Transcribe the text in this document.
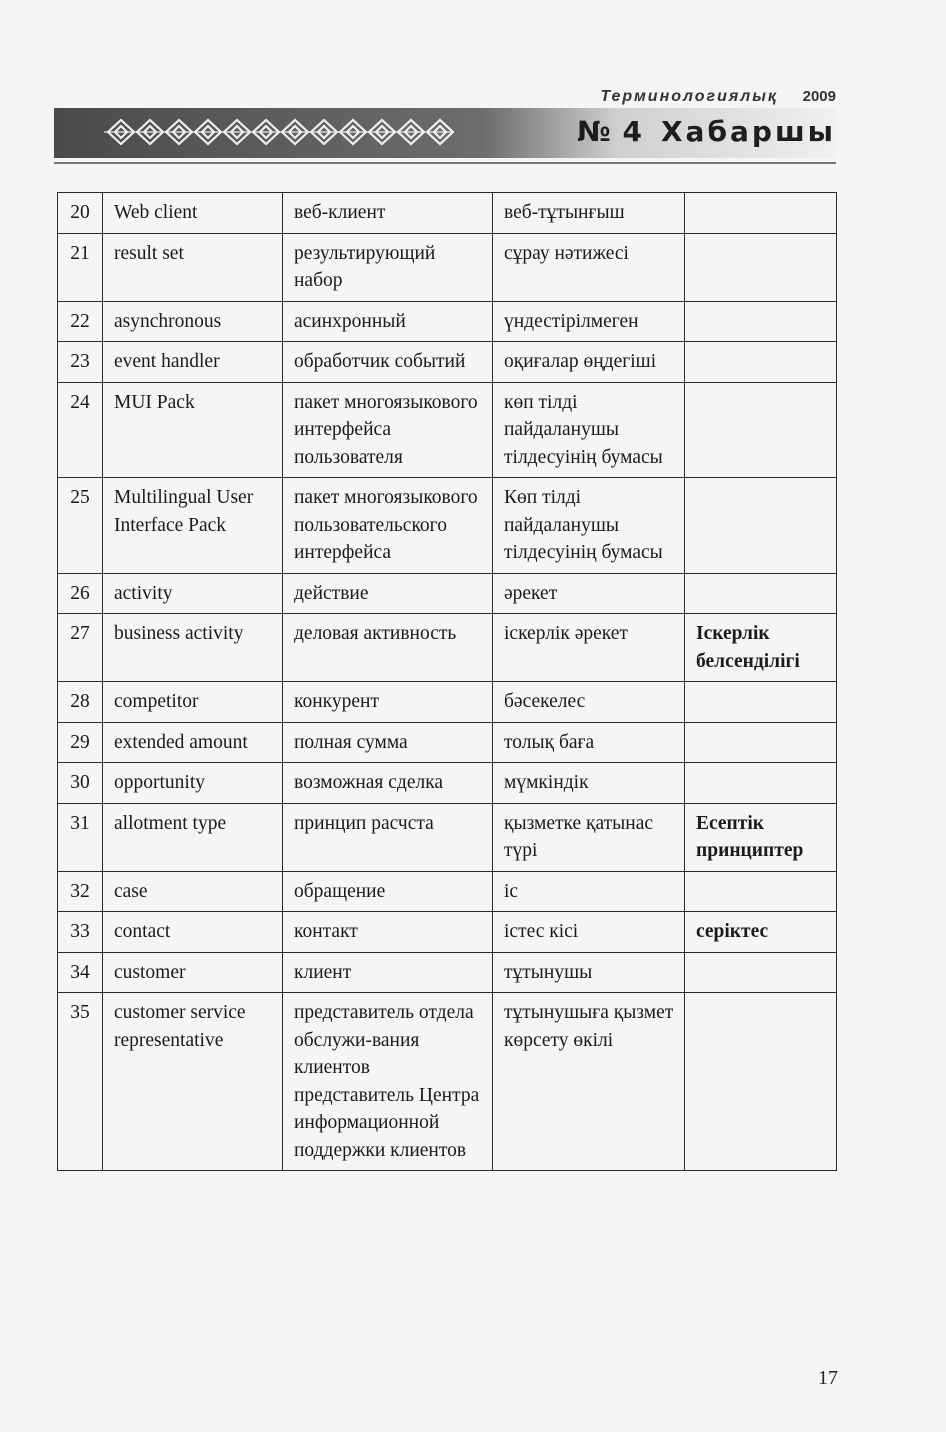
Терминологиялық 2009
№ 4 Хабаршы
20	Web client	веб-клиент	веб-тұтынғыш	
21	result set	результирующий набор	сұрау нәтижесі	
22	asynchronous	асинхронный	үндестірілмеген	
23	event handler	обработчик событий	оқиғалар өңдегіші	
24	MUI Pack	пакет многоязыкового интерфейса пользователя	көп тілді пайдаланушы тілдесуінің бумасы	
25	Multilingual User Interface Pack	пакет многоязыкового пользовательского интерфейса	Көп тілді пайдаланушы тілдесуінің бумасы	
26	activity	действие	әрекет	
27	business activity	деловая активность	іскерлік әрекет	Іскерлік белсенділігі
28	competitor	конкурент	бәсекелес	
29	extended amount	полная сумма	толық баға	
30	opportunity	возможная сделка	мүмкіндік	
31	allotment type	принцип расчста	қызметке қатынас түрі	Есептік принциптер
32	case	обращение	іс	
33	contact	контакт	істес кісі	серіктес
34	customer	клиент	тұтынушы	
35	customer service representative	представитель отдела обслужи-вания клиентов представитель Центра информационной поддержки клиентов	тұтынушыға қызмет көрсету өкілі	
17
